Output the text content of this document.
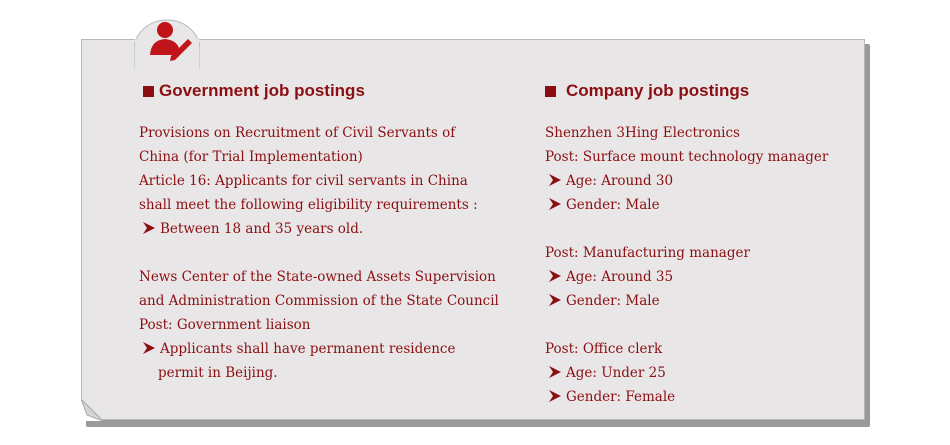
Government job postings
Provisions on Recruitment of Civil Servants of
China (for Trial Implementation)
Article 16: Applicants for civil servants in China
shall meet the following eligibility requirements :
Between 18 and 35 years old.
News Center of the State-owned Assets Supervision
and Administration Commission of the State Council
Post: Government liaison
Applicants shall have permanent residence
permit in Beijing.
Company job postings
Shenzhen 3Hing Electronics
Post: Surface mount technology manager
Age: Around 30
Gender: Male
Post: Manufacturing manager
Age: Around 35
Gender: Male
Post: Office clerk
Age: Under 25
Gender: Female
